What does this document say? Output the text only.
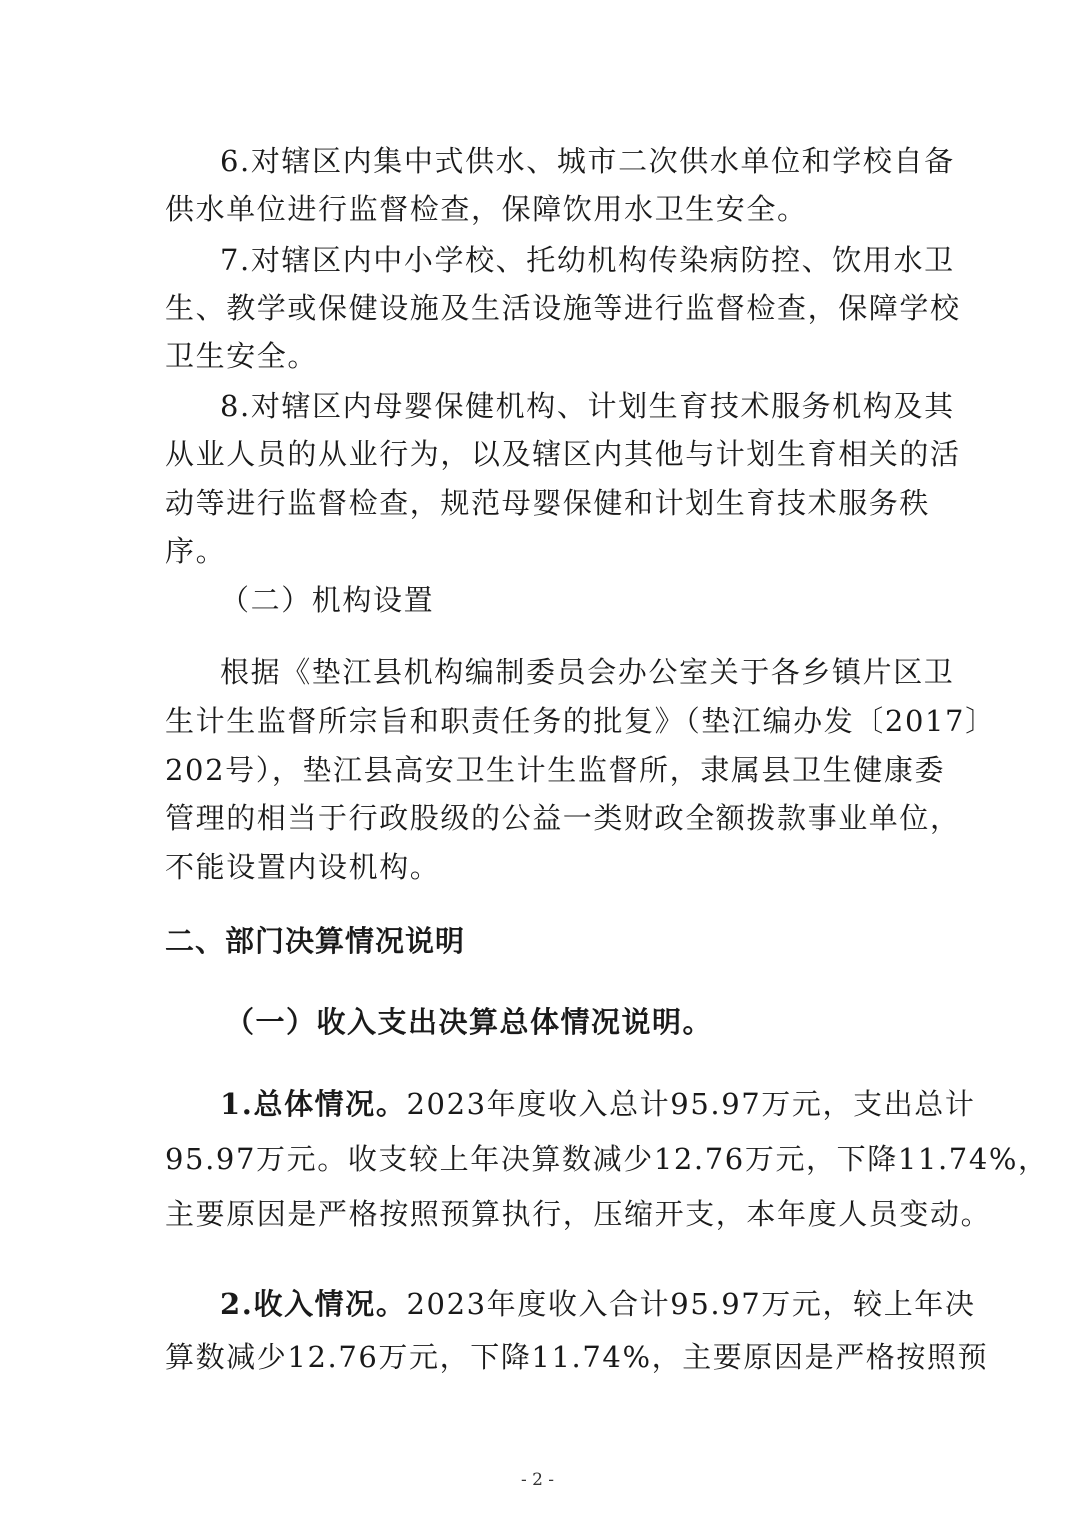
6.对辖区内集中式供水、城市二次供水单位和学校自备
供水单位进行监督检查，保障饮用水卫生安全。
7.对辖区内中小学校、托幼机构传染病防控、饮用水卫
生、教学或保健设施及生活设施等进行监督检查，保障学校
卫生安全。
8.对辖区内母婴保健机构、计划生育技术服务机构及其
从业人员的从业行为，以及辖区内其他与计划生育相关的活
动等进行监督检查，规范母婴保健和计划生育技术服务秩
序。
（二）机构设置
根据《垫江县机构编制委员会办公室关于各乡镇片区卫
生计生监督所宗旨和职责任务的批复》（垫江编办发〔2017〕
202号），垫江县高安卫生计生监督所，隶属县卫生健康委
管理的相当于行政股级的公益一类财政全额拨款事业单位，
不能设置内设机构。
二、部门决算情况说明
（一）收入支出决算总体情况说明。
1.总体情况。2023年度收入总计95.97万元，支出总计
95.97万元。收支较上年决算数减少12.76万元，下降11.74%，
主要原因是严格按照预算执行，压缩开支，本年度人员变动。
2.收入情况。2023年度收入合计95.97万元，较上年决
算数减少12.76万元，下降11.74%，主要原因是严格按照预
- 2 -
